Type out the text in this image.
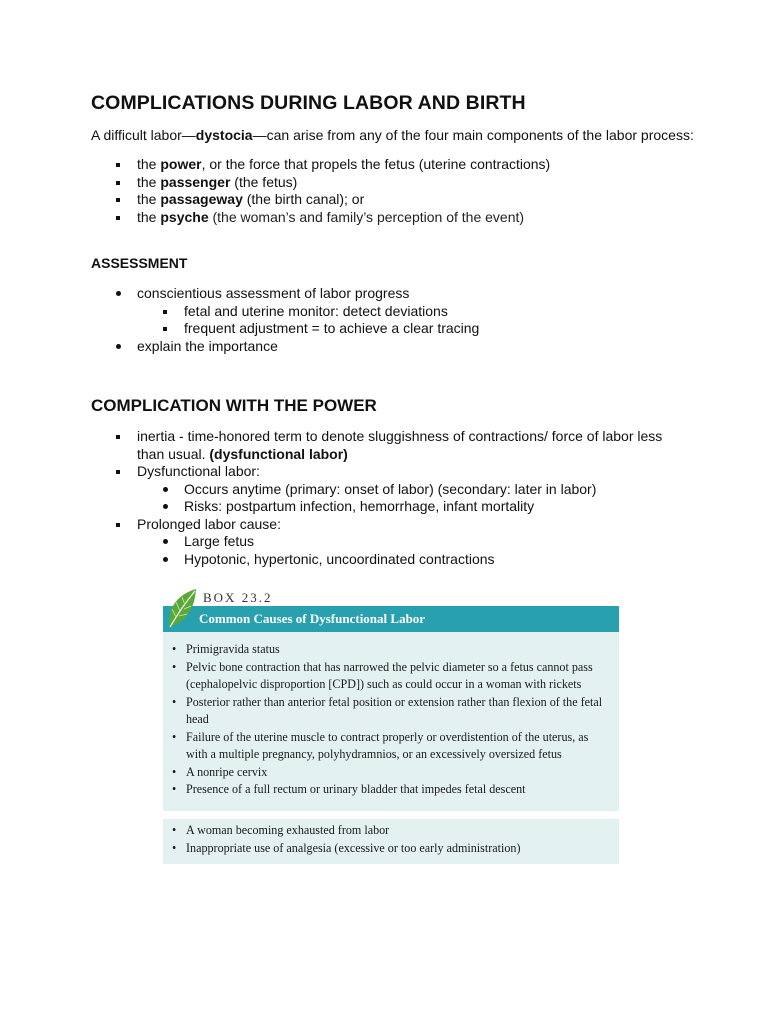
COMPLICATIONS DURING LABOR AND BIRTH

A difficult labor—dystocia—can arise from any of the four main components of the labor process:

the power, or the force that propels the fetus (uterine contractions)
the passenger (the fetus)
the passageway (the birth canal); or
the psyche (the woman’s and family’s perception of the event)
ASSESSMENT
conscientious assessment of labor progress
fetal and uterine monitor: detect deviations
frequent adjustment = to achieve a clear tracing
explain the importance
COMPLICATION WITH THE POWER
inertia - time-honored term to denote sluggishness of contractions/ force of labor less than usual. (dysfunctional labor)
Dysfunctional labor:
Occurs anytime (primary: onset of labor) (secondary: later in labor)
Risks: postpartum infection, hemorrhage, infant mortality
Prolonged labor cause:
Large fetus
Hypotonic, hypertonic, uncoordinated contractions
Common Causes of Dysfunctional Labor
BOX 23.2
• Primigravida status
• Pelvic bone contraction that has narrowed the pelvic diameter so a fetus cannot pass (cephalopelvic disproportion [CPD]) such as could occur in a woman with rickets
• Posterior rather than anterior fetal position or extension rather than flexion of the fetal head
• Failure of the uterine muscle to contract properly or overdistention of the uterus, as with a multiple pregnancy, polyhydramnios, or an excessively oversized fetus
• A nonripe cervix
• Presence of a full rectum or urinary bladder that impedes fetal descent
• A woman becoming exhausted from labor
• Inappropriate use of analgesia (excessive or too early administration)
